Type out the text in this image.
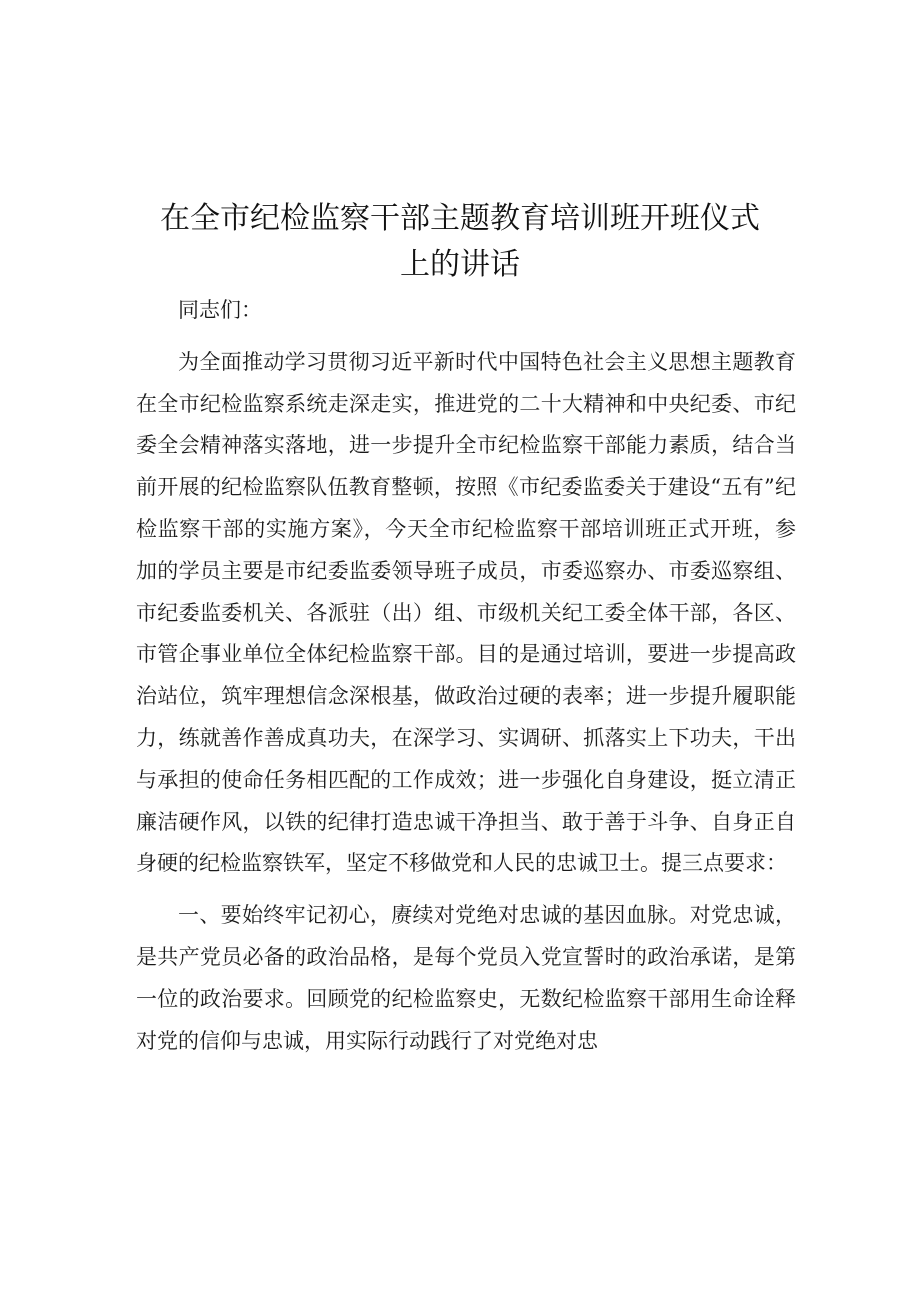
在全市纪检监察干部主题教育培训班开班仪式
上的讲话

同志们：

为全面推动学习贯彻习近平新时代中国特色社会主义思想主题教育在全市纪检监察系统走深走实，推进党的二十大精神和中央纪委、市纪委全会精神落实落地，进一步提升全市纪检监察干部能力素质，结合当前开展的纪检监察队伍教育整顿，按照《市纪委监委关于建设“五有”纪检监察干部的实施方案》，今天全市纪检监察干部培训班正式开班，参加的学员主要是市纪委监委领导班子成员，市委巡察办、市委巡察组、市纪委监委机关、各派驻（出）组、市级机关纪工委全体干部，各区、市管企事业单位全体纪检监察干部。目的是通过培训，要进一步提高政治站位，筑牢理想信念深根基，做政治过硬的表率；进一步提升履职能力，练就善作善成真功夫，在深学习、实调研、抓落实上下功夫，干出与承担的使命任务相匹配的工作成效；进一步强化自身建设，挺立清正廉洁硬作风，以铁的纪律打造忠诚干净担当、敢于善于斗争、自身正自身硬的纪检监察铁军，坚定不移做党和人民的忠诚卫士。提三点要求：

一、要始终牢记初心，赓续对党绝对忠诚的基因血脉。对党忠诚，是共产党员必备的政治品格，是每个党员入党宣誓时的政治承诺，是第一位的政治要求。回顾党的纪检监察史，无数纪检监察干部用生命诠释对党的信仰与忠诚，用实际行动践行了对党绝对忠
